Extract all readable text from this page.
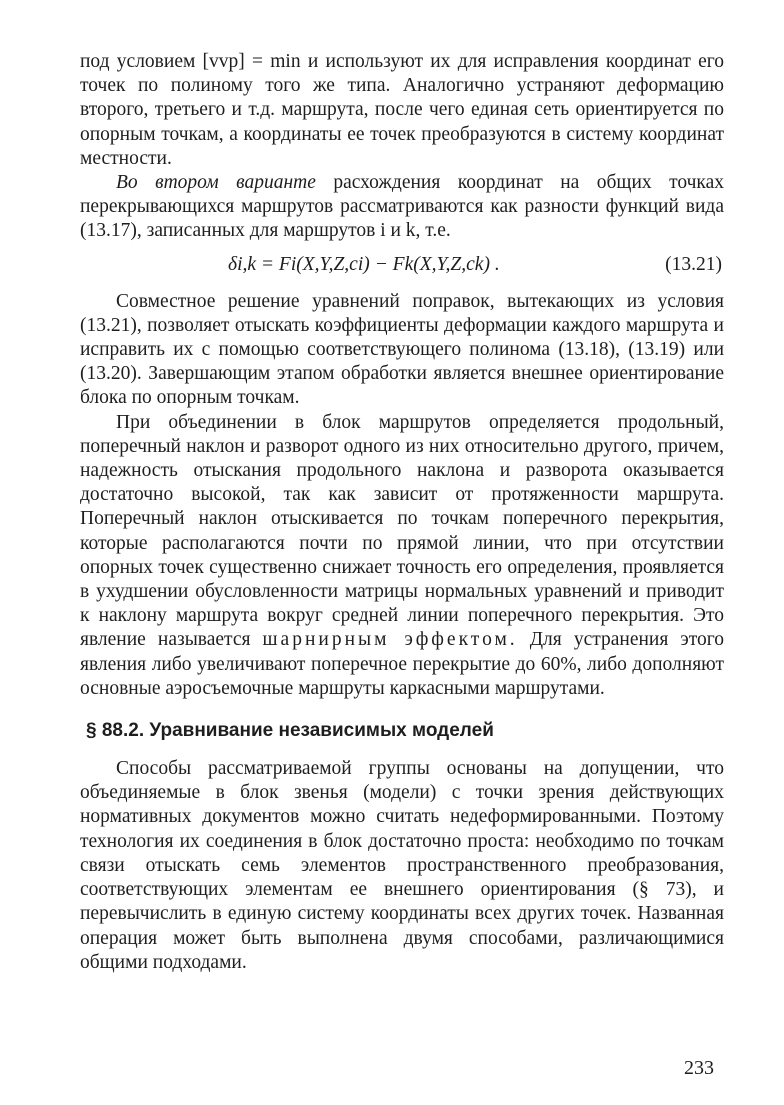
под условием [vvp] = min и используют их для исправления координат его точек по полиному того же типа. Аналогично устраняют деформацию второго, третьего и т.д. маршрута, после чего единая сеть ориентируется по опорным точкам, а координаты ее точек преобразуются в систему координат местности.

Во втором варианте расхождения координат на общих точках перекрывающихся маршрутов рассматриваются как разности функций вида (13.17), записанных для маршрутов i и k, т.е.

δi,k = Fi(X,Y,Z,ci) − Fk(X,Y,Z,ck) .	(13.21)

Совместное решение уравнений поправок, вытекающих из условия (13.21), позволяет отыскать коэффициенты деформации каждого маршрута и исправить их с помощью соответствующего полинома (13.18), (13.19) или (13.20). Завершающим этапом обработки является внешнее ориентирование блока по опорным точкам.

При объединении в блок маршрутов определяется продольный, поперечный наклон и разворот одного из них относительно другого, причем, надежность отыскания продольного наклона и разворота оказывается достаточно высокой, так как зависит от протяженности маршрута. Поперечный наклон отыскивается по точкам поперечного перекрытия, которые располагаются почти по прямой линии, что при отсутствии опорных точек существенно снижает точность его определения, проявляется в ухудшении обусловленности матрицы нормальных уравнений и приводит к наклону маршрута вокруг средней линии поперечного перекрытия. Это явление называется шарнирным эффектом. Для устранения этого явления либо увеличивают поперечное перекрытие до 60%, либо дополняют основные аэросъемочные маршруты каркасными маршрутами.

§ 88.2. Уравнивание независимых моделей

Способы рассматриваемой группы основаны на допущении, что объединяемые в блок звенья (модели) с точки зрения действующих нормативных документов можно считать недеформированными. Поэтому технология их соединения в блок достаточно проста: необходимо по точкам связи отыскать семь элементов пространственного преобразования, соответствующих элементам ее внешнего ориентирования (§ 73), и перевычислить в единую систему координаты всех других точек. Названная операция может быть выполнена двумя способами, различающимися общими подходами.

233
